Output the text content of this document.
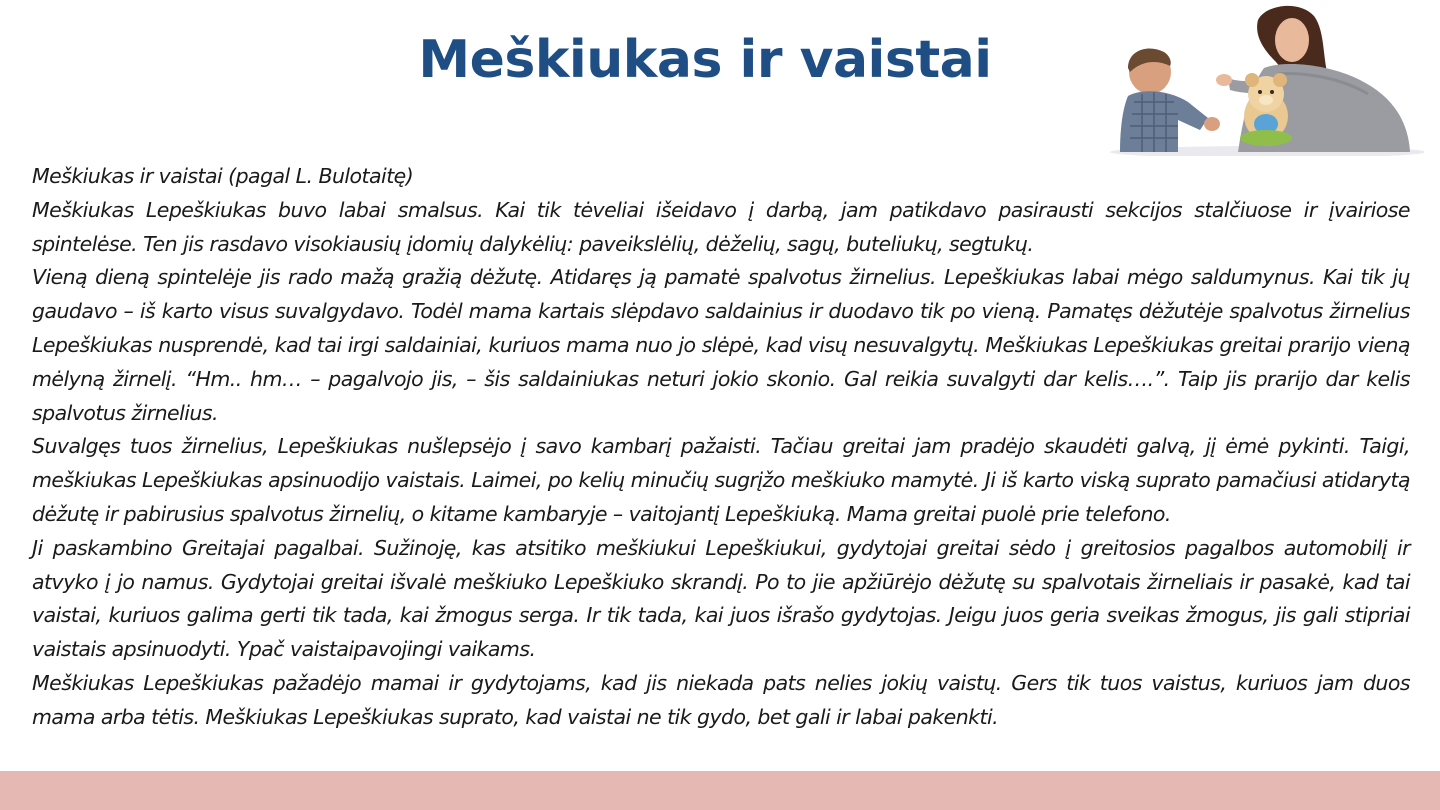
Meškiukas ir vaistai

Meškiukas ir vaistai (pagal L. Bulotaitę)

Meškiukas Lepeškiukas buvo labai smalsus. Kai tik tėveliai išeidavo į darbą, jam patikdavo pasirausti sekcijos stalčiuose ir įvairiose spintelėse. Ten jis rasdavo visokiausių įdomių dalykėlių: paveikslėlių, dėželių, sagų, buteliukų, segtukų.

Vieną dieną spintelėje jis rado mažą gražią dėžutę. Atidaręs ją pamatė spalvotus žirnelius. Lepeškiukas labai mėgo saldumynus. Kai tik jų gaudavo – iš karto visus suvalgydavo. Todėl mama kartais slėpdavo saldainius ir duodavo tik po vieną. Pamatęs dėžutėje spalvotus žirnelius Lepeškiukas nusprendė, kad tai irgi saldainiai, kuriuos mama nuo jo slėpė, kad visų nesuvalgytų. Meškiukas Lepeškiukas greitai prarijo vieną mėlyną žirnelį. “Hm.. hm… – pagalvojo jis, – šis saldainiukas neturi jokio skonio. Gal reikia suvalgyti dar kelis….”. Taip jis prarijo dar kelis spalvotus žirnelius.

Suvalgęs tuos žirnelius, Lepeškiukas nušlepsėjo į savo kambarį pažaisti. Tačiau greitai jam pradėjo skaudėti galvą, jį ėmė pykinti. Taigi, meškiukas Lepeškiukas apsinuodijo vaistais. Laimei, po kelių minučių sugrįžo meškiuko mamytė. Ji iš karto viską suprato pamačiusi atidarytą dėžutę ir pabirusius spalvotus žirnelių, o kitame kambaryje – vaitojantį Lepeškiuką. Mama greitai puolė prie telefono.

Ji paskambino Greitajai pagalbai. Sužinoję, kas atsitiko meškiukui Lepeškiukui, gydytojai greitai sėdo į greitosios pagalbos automobilį ir atvyko į jo namus. Gydytojai greitai išvalė meškiuko Lepeškiuko skrandį. Po to jie apžiūrėjo dėžutę su spalvotais žirneliais ir pasakė, kad tai vaistai, kuriuos galima gerti tik tada, kai žmogus serga. Ir tik tada, kai juos išrašo gydytojas. Jeigu juos geria sveikas žmogus, jis gali stipriai vaistais apsinuodyti. Ypač vaistaipavojingi vaikams.

Meškiukas Lepeškiukas pažadėjo mamai ir gydytojams, kad jis niekada pats nelies jokių vaistų. Gers tik tuos vaistus, kuriuos jam duos mama arba tėtis. Meškiukas Lepeškiukas suprato, kad vaistai ne tik gydo, bet gali ir labai pakenkti.
